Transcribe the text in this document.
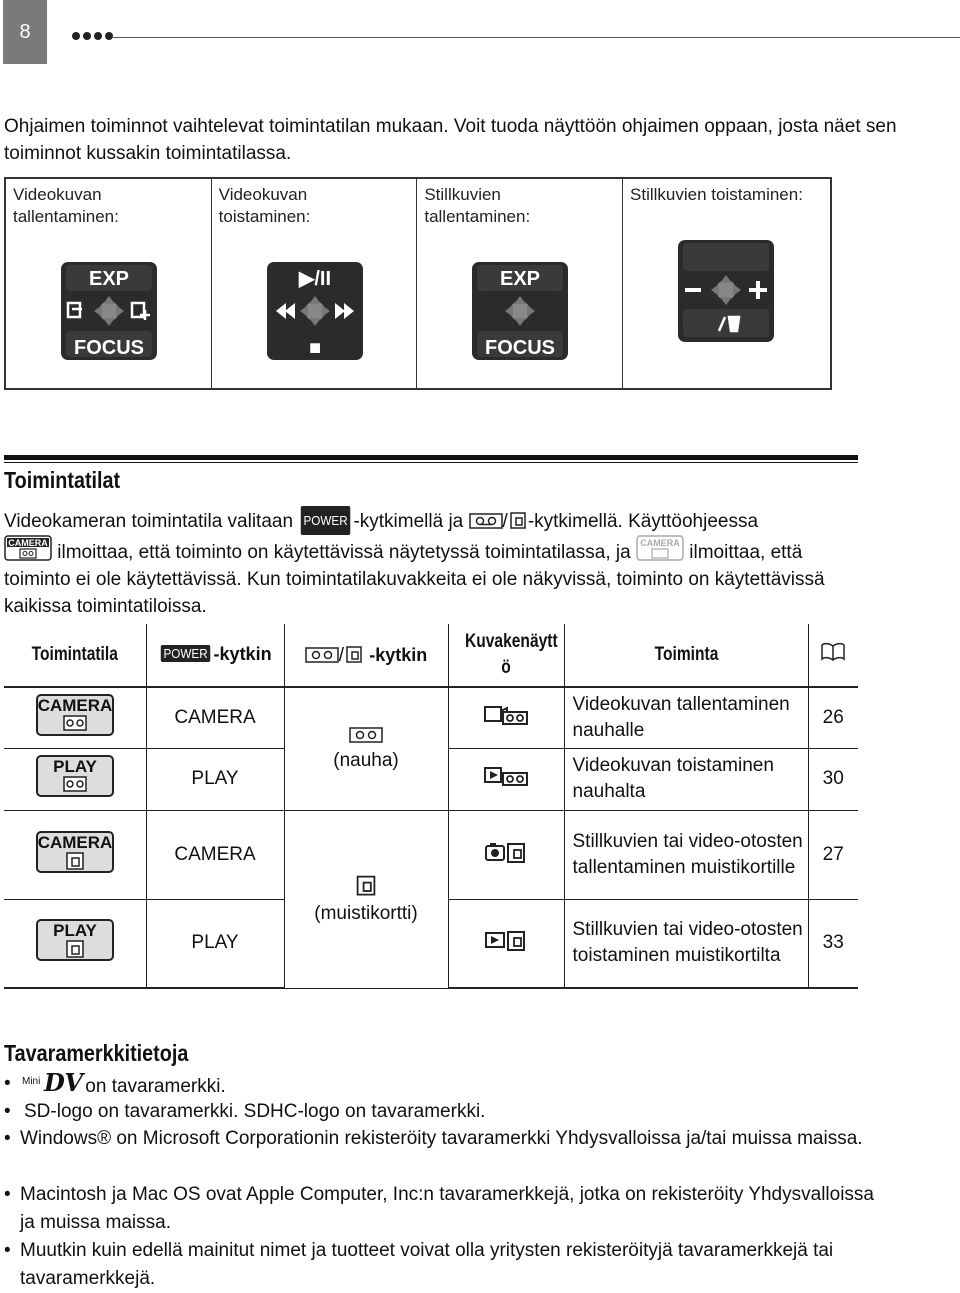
8
Ohjaimen toiminnot vaihtelevat toimintatilan mukaan. Voit tuoda näyttöön ohjaimen oppaan, josta näet sen toiminnot kussakin toimintatilassa.
Videokuvan tallentaminen:
EXP
FOCUS
Videokuvan toistaminen:
▶/II
■
Stillkuvien tallentaminen:
EXP
FOCUS
Stillkuvien toistaminen:
Toimintatilat
Videokameran toimintatila valitaan POWER -kytkimellä ja / -kytkimellä. Käyttöohjeessa

CAMERA ilmoittaa, että toiminto on käytettävissä näytetyssä toimintatilassa, ja CAMERA ilmoittaa, että toiminto ei ole käytettävissä. Kun toimintatilakuvakkeita ei ole näkyvissä, toiminto on käytettävissä kaikissa toimintatiloissa.
Toimintatila	POWER -kytkin	/ -kytkin	Kuvakenäytt ö	Toiminta

CAMERA	CAMERA	(nauha)		Videokuvan tallentaminen nauhalle	26

PLAY	PLAY			Videokuvan toistaminen nauhalta	30

CAMERA	CAMERA	(muistikortti)		Stillkuvien tai video-otosten tallentaminen muistikortille	27

PLAY	PLAY			Stillkuvien tai video-otosten toistaminen muistikortilta	33
Tavaramerkkitietoja
• Mini DV on tavaramerkki.
• SD-logo on tavaramerkki. SDHC-logo on tavaramerkki.
• Windows® on Microsoft Corporationin rekisteröity tavaramerkki Yhdysvalloissa ja/tai muissa maissa.
• Macintosh ja Mac OS ovat Apple Computer, Inc:n tavaramerkkejä, jotka on rekisteröity Yhdysvalloissa ja muissa maissa.
• Muutkin kuin edellä mainitut nimet ja tuotteet voivat olla yritysten rekisteröityjä tavaramerkkejä tai tavaramerkkejä.
